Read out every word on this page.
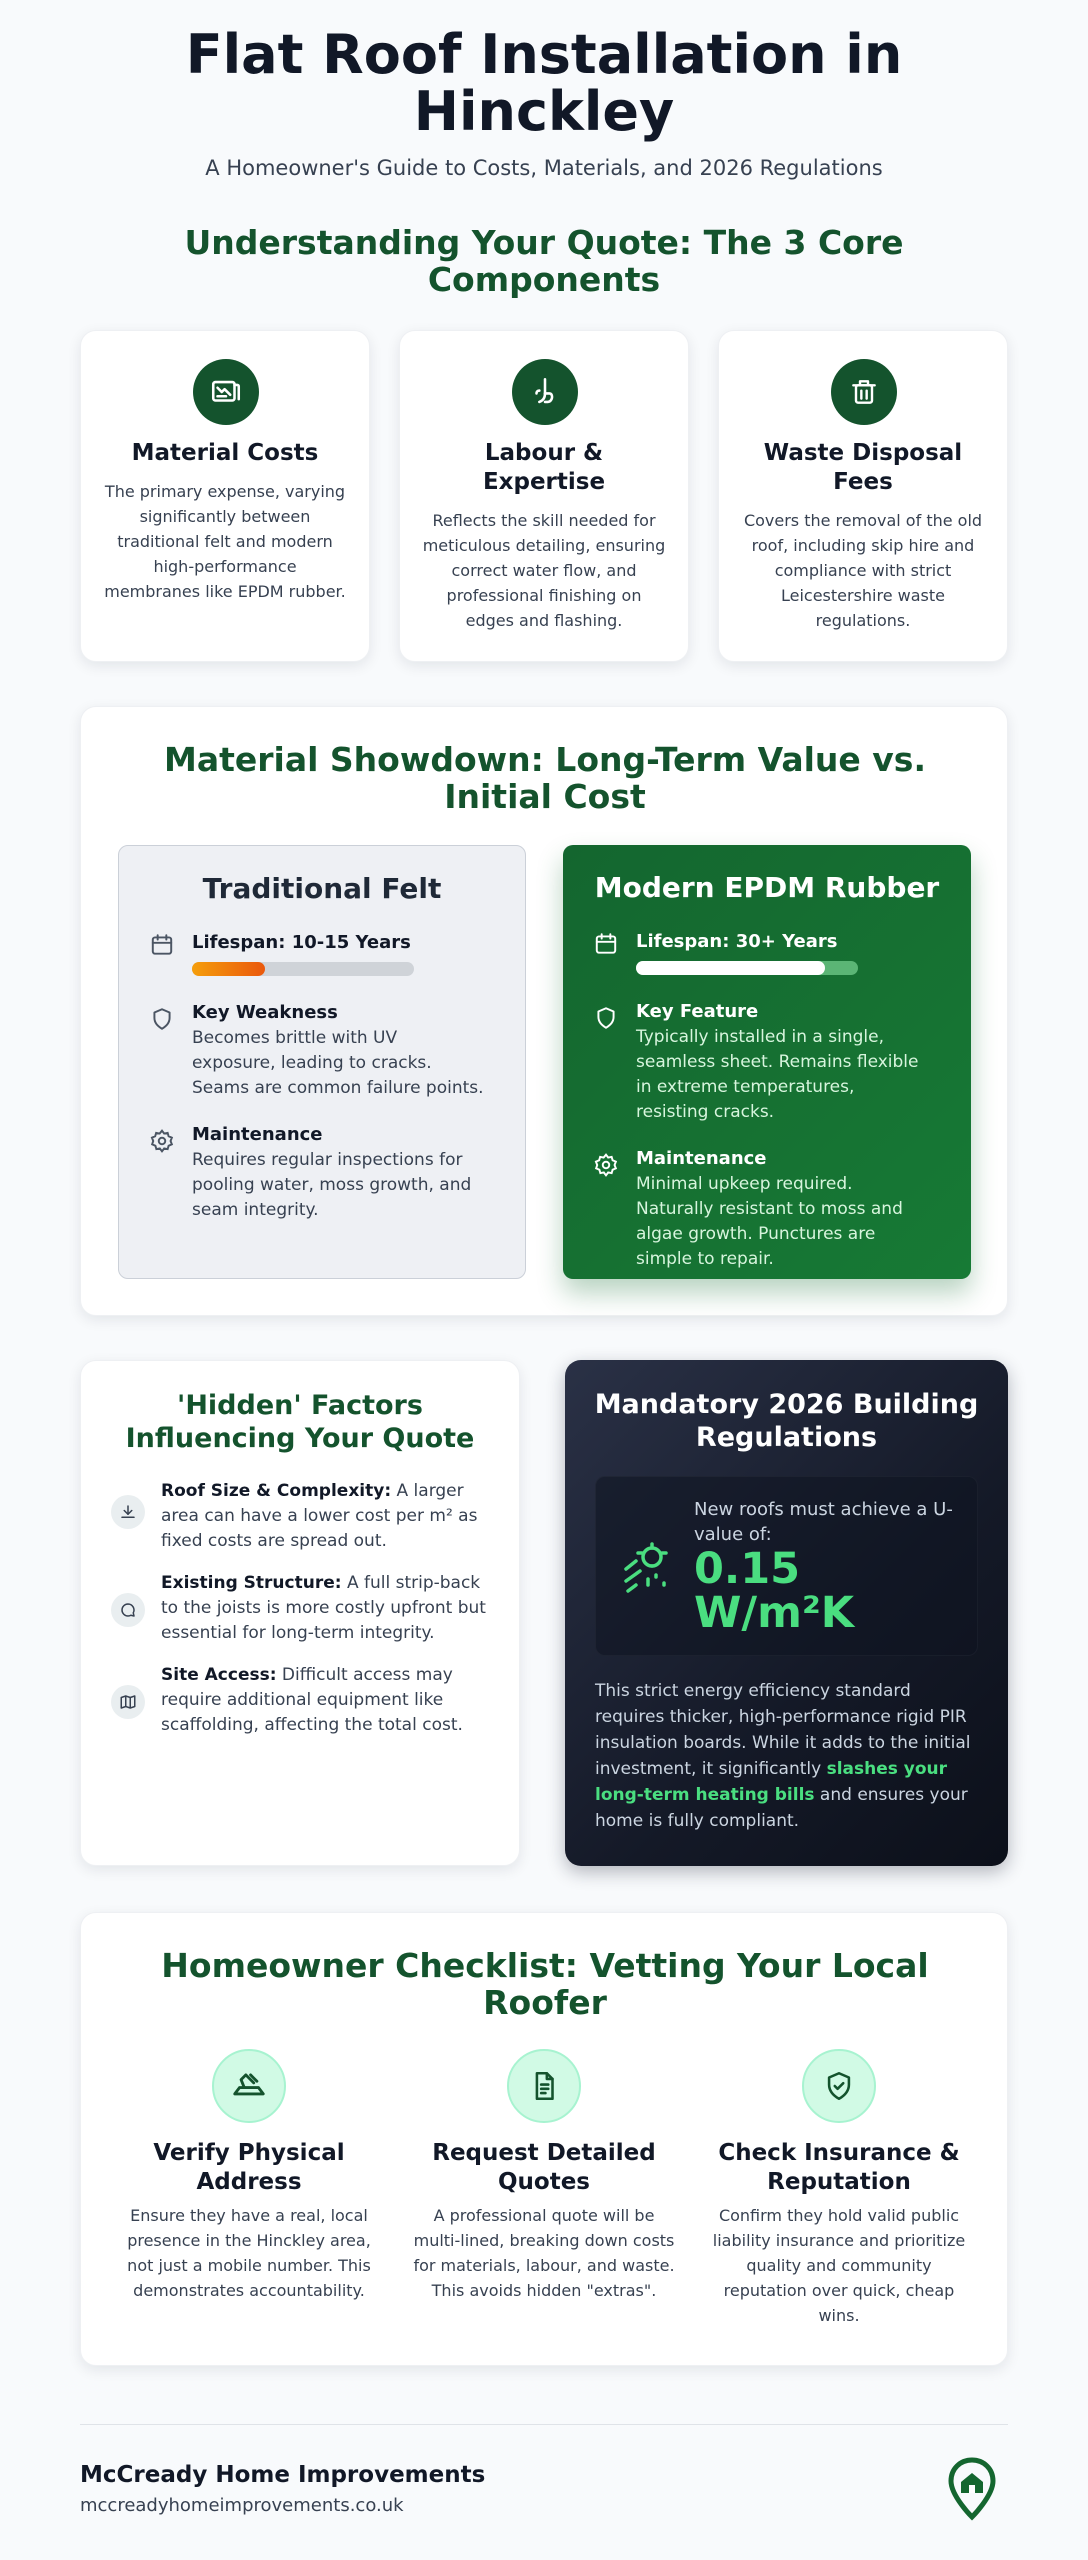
Flat Roof Installation in Hinckley

A Homeowner's Guide to Costs, Materials, and 2026 Regulations

Understanding Your Quote: The 3 Core Components
Material Costs

The primary expense, varying significantly between traditional felt and modern high-performance membranes like EPDM rubber.

Labour & Expertise

Reflects the skill needed for meticulous detailing, ensuring correct water flow, and professional finishing on edges and flashing.

Waste Disposal Fees

Covers the removal of the old roof, including skip hire and compliance with strict Leicestershire waste regulations.

Material Showdown: Long-Term Value vs. Initial Cost
Traditional Felt
Lifespan: 10-15 Years
Key Weakness
Becomes brittle with UV exposure, leading to cracks. Seams are common failure points.
Maintenance
Requires regular inspections for pooling water, moss growth, and seam integrity.
Modern EPDM Rubber
Lifespan: 30+ Years
Key Feature
Typically installed in a single, seamless sheet. Remains flexible in extreme temperatures, resisting cracks.
Maintenance
Minimal upkeep required. Naturally resistant to moss and algae growth. Punctures are simple to repair.
'Hidden' Factors Influencing Your Quote

Roof Size & Complexity: A larger area can have a lower cost per m² as fixed costs are spread out.

Existing Structure: A full strip-back to the joists is more costly upfront but essential for long-term integrity.

Site Access: Difficult access may require additional equipment like scaffolding, affecting the total cost.

Mandatory 2026 Building Regulations

New roofs must achieve a U-value of:

0.15 W/m²K

This strict energy efficiency standard requires thicker, high-performance rigid PIR insulation boards. While it adds to the initial investment, it significantly slashes your long-term heating bills and ensures your home is fully compliant.

Homeowner Checklist: Vetting Your Local Roofer
Verify Physical Address

Ensure they have a real, local presence in the Hinckley area, not just a mobile number. This demonstrates accountability.

Request Detailed Quotes

A professional quote will be multi-lined, breaking down costs for materials, labour, and waste. This avoids hidden "extras".

Check Insurance & Reputation

Confirm they hold valid public liability insurance and prioritize quality and community reputation over quick, cheap wins.

McCready Home Improvements
mccreadyhomeimprovements.co.uk
